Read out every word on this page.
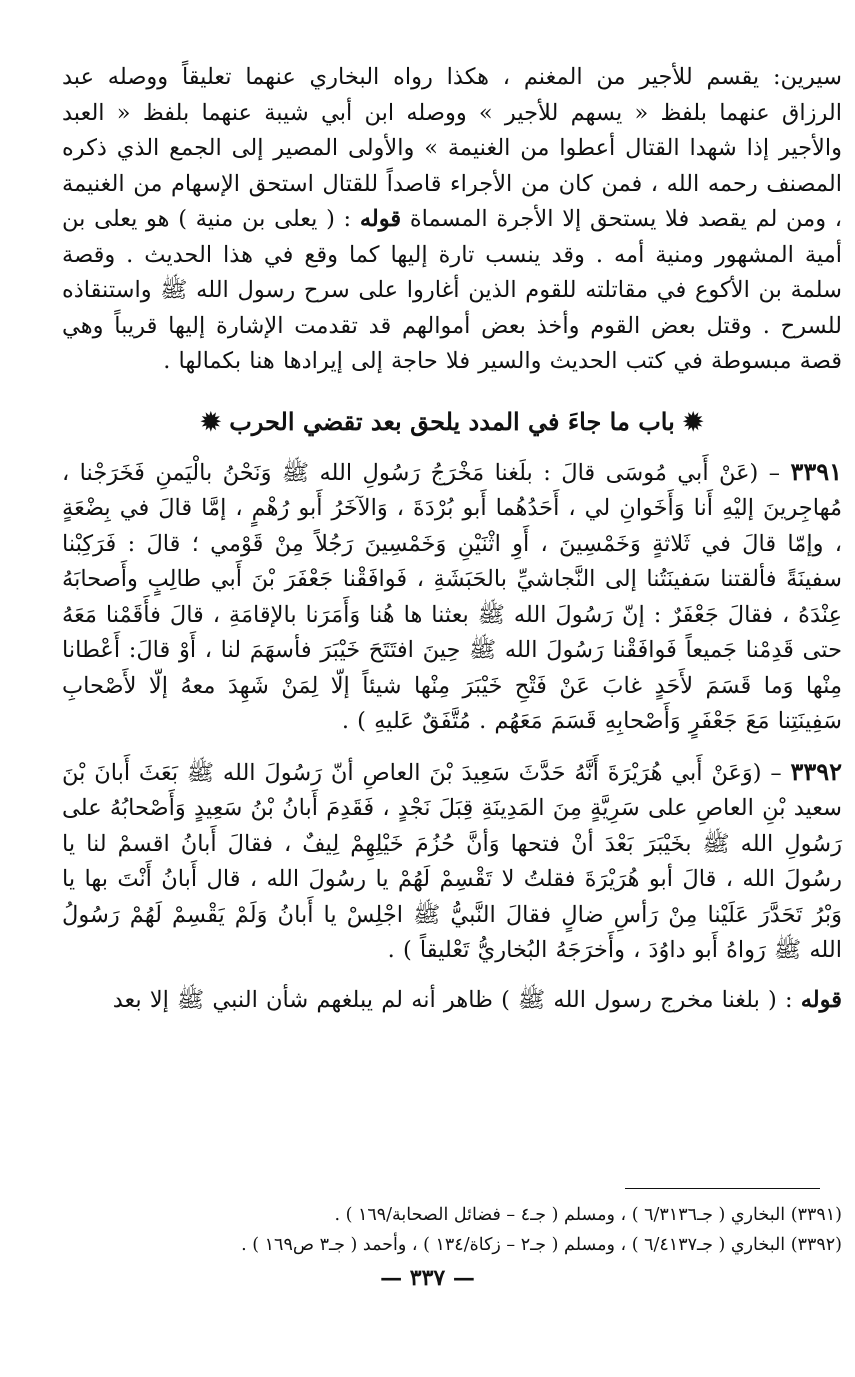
سيرين: يقسم للأجير من المغنم ، هكذا رواه البخاري عنهما تعليقاً ووصله عبد الرزاق عنهما بلفظ « يسهم للأجير » ووصله ابن أبي شيبة عنهما بلفظ « العبد والأجير إذا شهدا القتال أعطوا من الغنيمة » والأولى المصير إلى الجمع الذي ذكره المصنف رحمه الله ، فمن كان من الأجراء قاصداً للقتال استحق الإسهام من الغنيمة ، ومن لم يقصد فلا يستحق إلا الأجرة المسماة قوله : ( يعلى بن منية ) هو يعلى بن أمية المشهور ومنية أمه . وقد ينسب تارة إليها كما وقع في هذا الحديث . وقصة سلمة بن الأكوع في مقاتلته للقوم الذين أغاروا على سرح رسول الله ﷺ واستنقاذه للسرح . وقتل بعض القوم وأخذ بعض أموالهم قد تقدمت الإشارة إليها قريباً وهي قصة مبسوطة في كتب الحديث والسير فلا حاجة إلى إيرادها هنا بكمالها .

✹ باب ما جاءَ في المدد يلحق بعد تقضي الحرب ✹

٣٣٩١ – (عَنْ أَبي مُوسَى قالَ : بلَغنا مَخْرَجُ رَسُولِ الله ﷺ وَنَحْنُ بالْيَمنِ فَخَرَجْنا ، مُهاجِرينَ إليْهِ أَنا وَأَخَوانِ لي ، أَحَدُهُما أَبو بُرْدَةَ ، وَالآخَرُ أَبو رُهْمٍ ، إمَّا قالَ في بِضْعَةٍ ، وإمّا قالَ في ثَلاثةٍ وَخَمْسِينَ ، أَوِ اثْنَيْنِ وَخَمْسِينَ رَجُلاً مِنْ قَوْمي ؛ قالَ : فَرَكِبْنا سفينَةً فألقتنا سَفينَتُنا إلى النَّجاشيِّ بالحَبَشَةِ ، فَوافَقْنا جَعْفَرَ بْنَ أَبي طالِبٍ وأَصحابَهُ عِنْدَهُ ، فقالَ جَعْفَرٌ : إنّ رَسُولَ الله ﷺ بعثنا ها هُنا وَأَمَرَنا بالإقامَةِ ، قالَ فأَقَمْنا مَعَهُ حتى قَدِمْنا جَميعاً فَوافَقْنا رَسُولَ الله ﷺ حِينَ افتَتَحَ خَيْبَرَ فأسهَمَ لنا ، أَوْ قالَ: أَعْطانا مِنْها وَما قَسَمَ لأَحَدٍ غابَ عَنْ فَتْحِ خَيْبَرَ مِنْها شيئاً إلّا لِمَنْ شَهِدَ معهُ إلّا لأَصْحابِ سَفِينَتِنا مَعَ جَعْفَرٍ وَأَصْحابِهِ قَسَمَ مَعَهُم . مُتَّفَقٌ عَليهِ ) .

٣٣٩٢ – (وَعَنْ أَبي هُرَيْرَةَ أَنَّهُ حَدَّثَ سَعِيدَ بْنَ العاصِ أنّ رَسُولَ الله ﷺ بَعَثَ أَبانَ بْنَ سعيد بْنِ العاصِ على سَرِيَّةٍ مِنَ المَدِينَةِ قِبَلَ نَجْدٍ ، فَقَدِمَ أَبانُ بْنُ سَعِيدٍ وَأَصْحابُهُ على رَسُولِ الله ﷺ بخَيْبَرَ بَعْدَ أنْ فتحها وَأنَّ حُزُمَ خَيْلِهِمْ لِيفٌ ، فقالَ أَبانُ اقسمْ لنا يا رسُولَ الله ، قالَ أبو هُرَيْرَةَ فقلتُ لا تَقْسِمْ لَهُمْ يا رسُولَ الله ، قال أَبانُ أَنْتَ بها يا وَبْرُ تَحَدَّرَ عَلَيْنا مِنْ رَأسِ ضالٍ فقالَ النَّبيُّ ﷺ اجْلِسْ يا أَبانُ وَلَمْ يَقْسِمْ لَهُمْ رَسُولُ الله ﷺ رَواهُ أَبو داوُدَ ، وأَخرَجَهُ البُخاريُّ تَعْليقاً ) .

قوله : ( بلغنا مخرج رسول الله ﷺ ) ظاهر أنه لم يبلغهم شأن النبي ﷺ إلا بعد

(٣٣٩١) البخاري ( جـ٦/٣١٣٦ ) ، ومسلم ( جـ٤ – فضائل الصحابة/١٦٩ ) .
(٣٣٩٢) البخاري ( جـ٦/٤١٣٧ ) ، ومسلم ( جـ٢ – زكاة/١٣٤ ) ، وأحمد ( جـ٣ ص١٦٩ ) .
— ٣٣٧ —
